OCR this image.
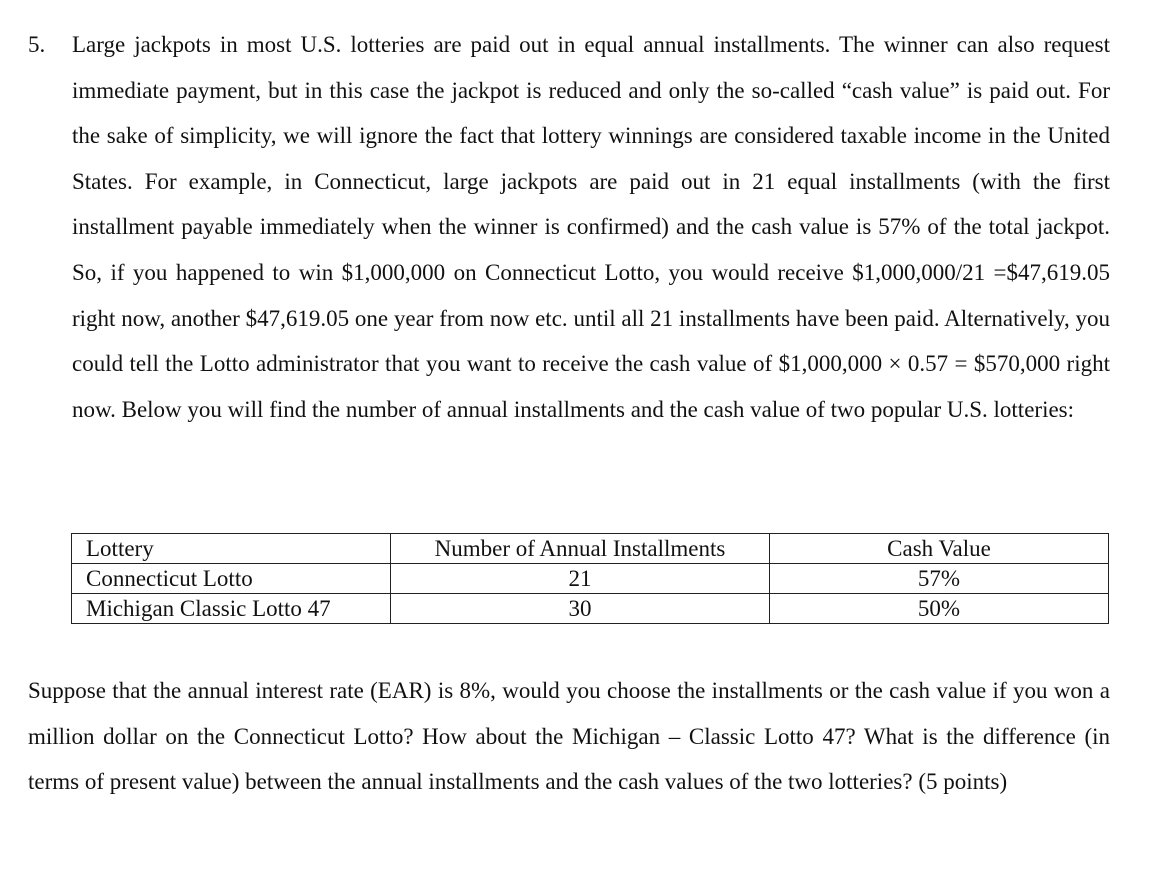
5. Large jackpots in most U.S. lotteries are paid out in equal annual installments. The winner can also request immediate payment, but in this case the jackpot is reduced and only the so-called “cash value” is paid out. For the sake of simplicity, we will ignore the fact that lottery winnings are considered taxable income in the United States. For example, in Connecticut, large jackpots are paid out in 21 equal installments (with the first installment payable immediately when the winner is confirmed) and the cash value is 57% of the total jackpot. So, if you happened to win $1,000,000 on Connecticut Lotto, you would receive $1,000,000/21 =$47,619.05 right now, another $47,619.05 one year from now etc. until all 21 installments have been paid. Alternatively, you could tell the Lotto administrator that you want to receive the cash value of $1,000,000 × 0.57 = $570,000 right now. Below you will find the number of annual installments and the cash value of two popular U.S. lotteries:
Lottery	Number of Annual Installments	Cash Value
Connecticut Lotto	21	57%
Michigan Classic Lotto 47	30	50%
Suppose that the annual interest rate (EAR) is 8%, would you choose the installments or the cash value if you won a million dollar on the Connecticut Lotto? How about the Michigan – Classic Lotto 47? What is the difference (in terms of present value) between the annual installments and the cash values of the two lotteries? (5 points)
